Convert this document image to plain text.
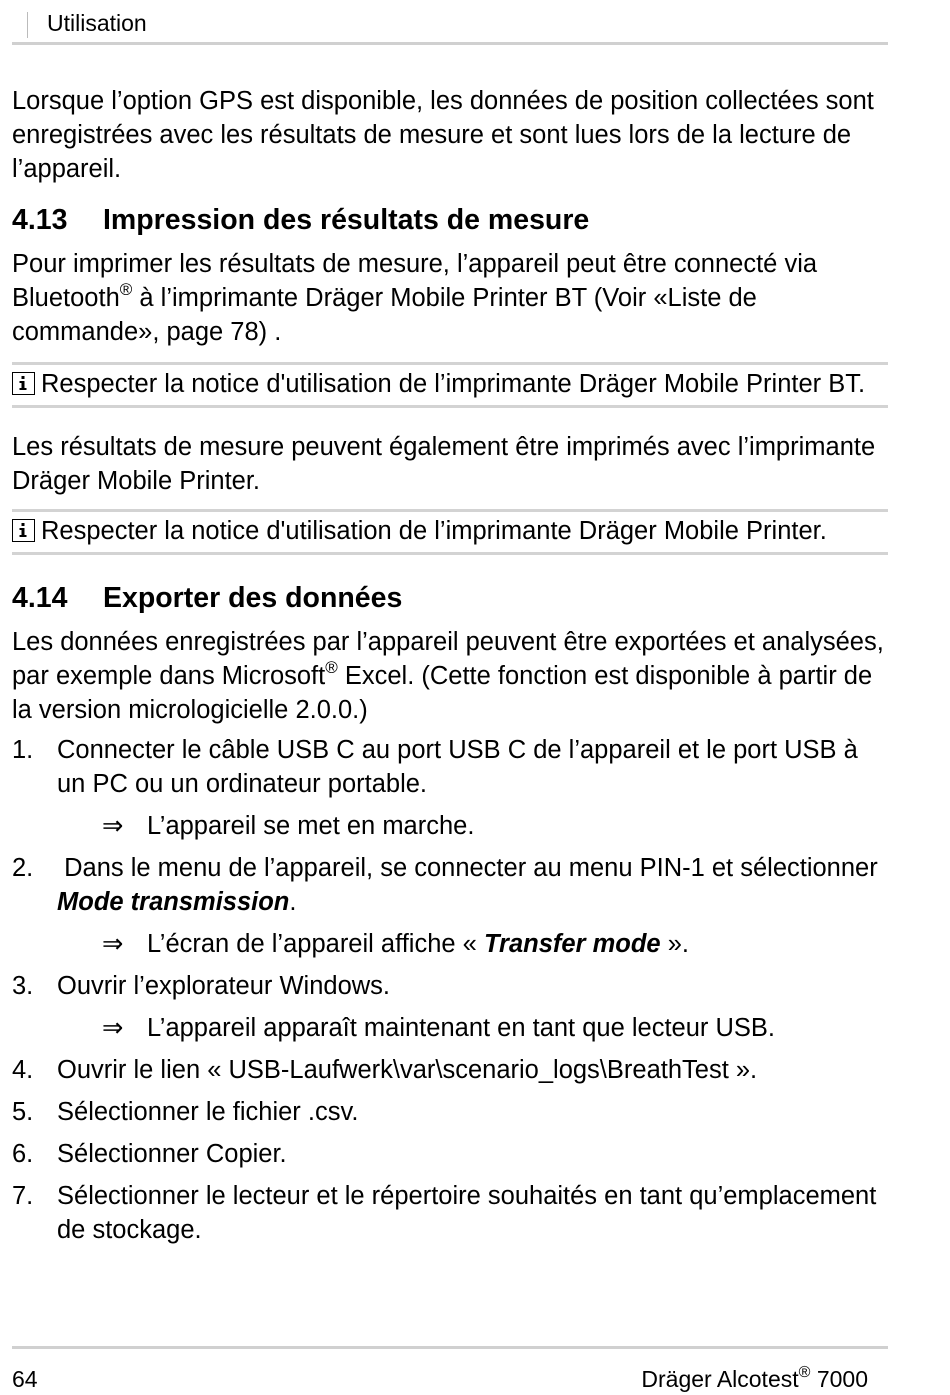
Utilisation

Lorsque l’option GPS est disponible, les données de position collectées sont enregistrées avec les résultats de mesure et sont lues lors de la lecture de l’appareil.

4.13	Impression des résultats de mesure

Pour imprimer les résultats de mesure, l’appareil peut être connecté via Bluetooth® à l’imprimante Dräger Mobile Printer BT (Voir «Liste de commande», page 78) .

Respecter la notice d'utilisation de l’imprimante Dräger Mobile Printer BT.

Les résultats de mesure peuvent également être imprimés avec l’imprimante Dräger Mobile Printer.

Respecter la notice d'utilisation de l’imprimante Dräger Mobile Printer.
4.14	Exporter des données

Les données enregistrées par l’appareil peuvent être exportées et analysées, par exemple dans Microsoft® Excel. (Cette fonction est disponible à partir de la version micrologicielle 2.0.0.)

1. Connecter le câble USB C au port USB C de l’appareil et le port USB à un PC ou un ordinateur portable.
⇒ L’appareil se met en marche.
2. Dans le menu de l’appareil, se connecter au menu PIN-1 et sélectionner Mode transmission.
⇒ L’écran de l’appareil affiche « Transfer mode ».
3. Ouvrir l’explorateur Windows.
⇒ L’appareil apparaît maintenant en tant que lecteur USB.
4. Ouvrir le lien « USB-Laufwerk\var\scenario_logs\BreathTest ».
5. Sélectionner le fichier .csv.
6. Sélectionner Copier.
7. Sélectionner le lecteur et le répertoire souhaités en tant qu’emplacement de stockage.
64	Dräger Alcotest® 7000
